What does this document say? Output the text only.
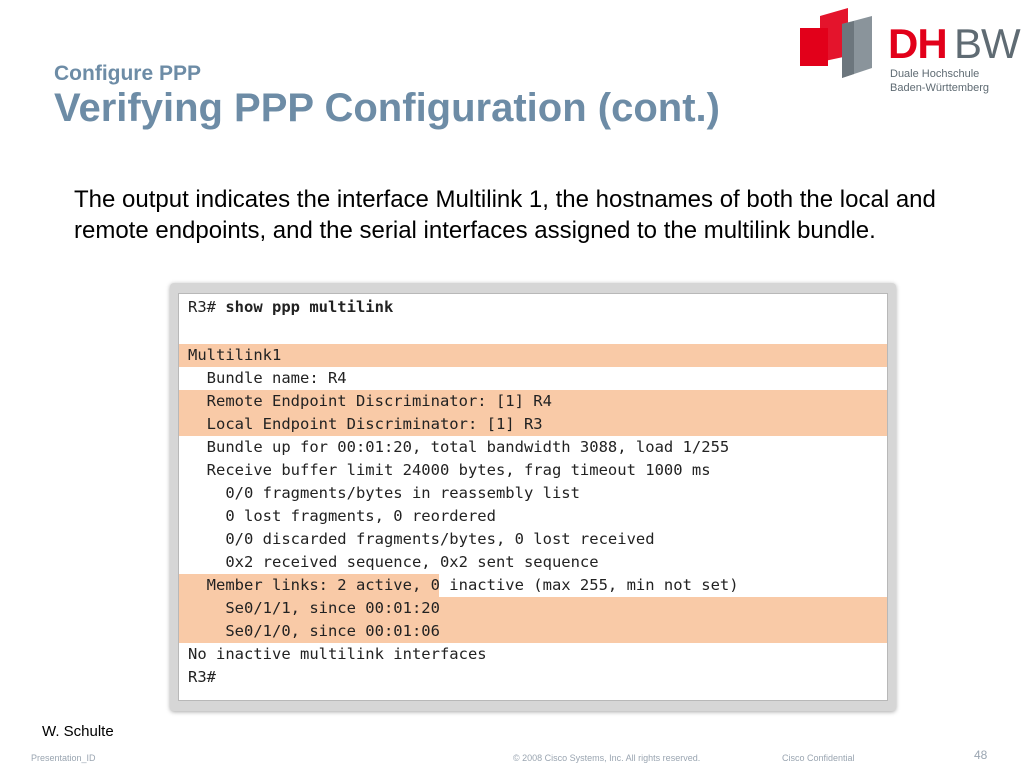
Configure PPP
Verifying PPP Configuration (cont.)
DH BW
Duale Hochschule
Baden-Württemberg
The output indicates the interface Multilink 1, the hostnames of both the local and remote endpoints, and the serial interfaces assigned to the multilink bundle.
R3# show ppp multilink
Multilink1
Bundle name: R4
Remote Endpoint Discriminator: [1] R4
Local Endpoint Discriminator: [1] R3
Bundle up for 00:01:20, total bandwidth 3088, load 1/255
Receive buffer limit 24000 bytes, frag timeout 1000 ms
0/0 fragments/bytes in reassembly list
0 lost fragments, 0 reordered
0/0 discarded fragments/bytes, 0 lost received
0x2 received sequence, 0x2 sent sequence
Member links: 2 active, 0 inactive (max 255, min not set)
Se0/1/1, since 00:01:20
Se0/1/0, since 00:01:06
No inactive multilink interfaces
R3#
W. Schulte
Presentation_ID	© 2008 Cisco Systems, Inc. All rights reserved.	Cisco Confidential	48
